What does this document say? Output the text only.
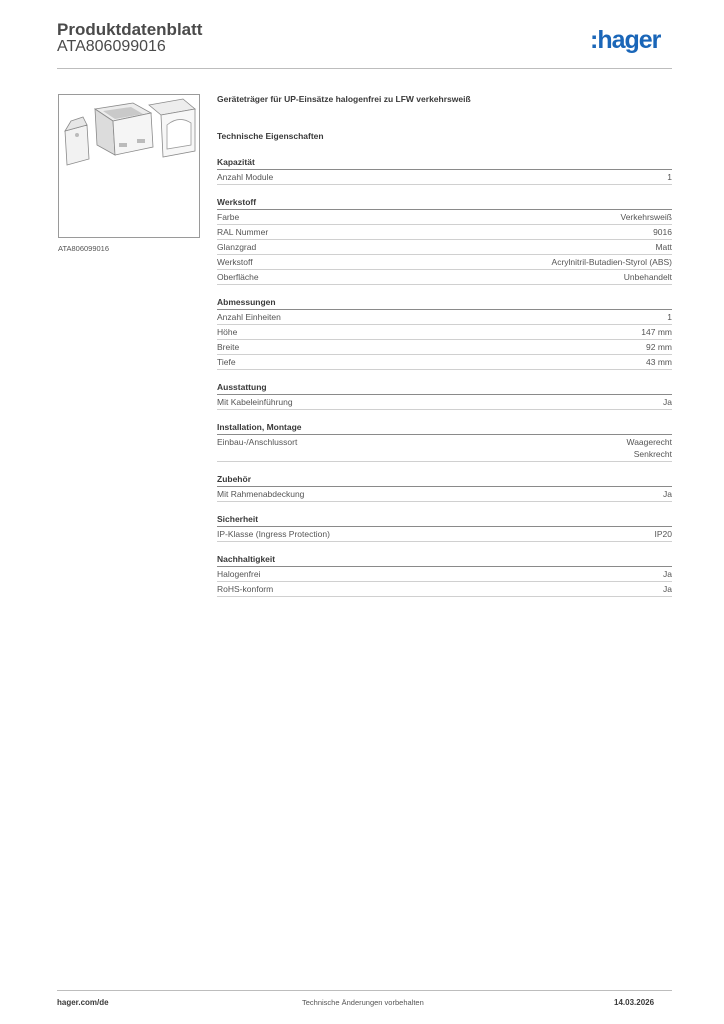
Produktdatenblatt
ATA806099016	:hager
ATA806099016
Geräteträger für UP-Einsätze halogenfrei zu LFW verkehrsweiß
Technische Eigenschaften
Kapazität
Anzahl Module	1
Werkstoff
Farbe	Verkehrsweiß
RAL Nummer	9016
Glanzgrad	Matt
Werkstoff	Acrylnitril-Butadien-Styrol (ABS)
Oberfläche	Unbehandelt
Abmessungen
Anzahl Einheiten	1
Höhe	147 mm
Breite	92 mm
Tiefe	43 mm
Ausstattung
Mit Kabeleinführung	Ja
Installation, Montage
Einbau-/Anschlussort	Waagerecht
Senkrecht
Zubehör
Mit Rahmenabdeckung	Ja
Sicherheit
IP-Klasse (Ingress Protection)	IP20
Nachhaltigkeit
Halogenfrei	Ja
RoHS-konform	Ja
hager.com/de	Technische Änderungen vorbehalten	14.03.2026
